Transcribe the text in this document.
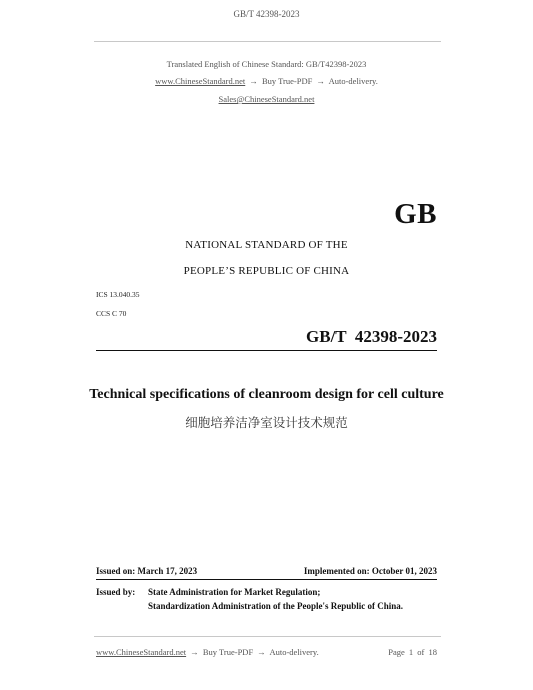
GB/T 42398-2023
Translated English of Chinese Standard: GB/T42398-2023
www.ChineseStandard.net → Buy True-PDF → Auto-delivery.
Sales@ChineseStandard.net
GB
NATIONAL STANDARD OF THE
PEOPLE’S REPUBLIC OF CHINA
ICS 13.040.35
CCS C 70
GB/T  42398-2023
Technical specifications of cleanroom design for cell culture
细胞培养洁净室设计技术规范
Issued on: March 17, 2023	Implemented on: October 01, 2023
Issued by: State Administration for Market Regulation;
Standardization Administration of the People's Republic of China.
www.ChineseStandard.net → Buy True-PDF → Auto-delivery.	Page 1 of 18
